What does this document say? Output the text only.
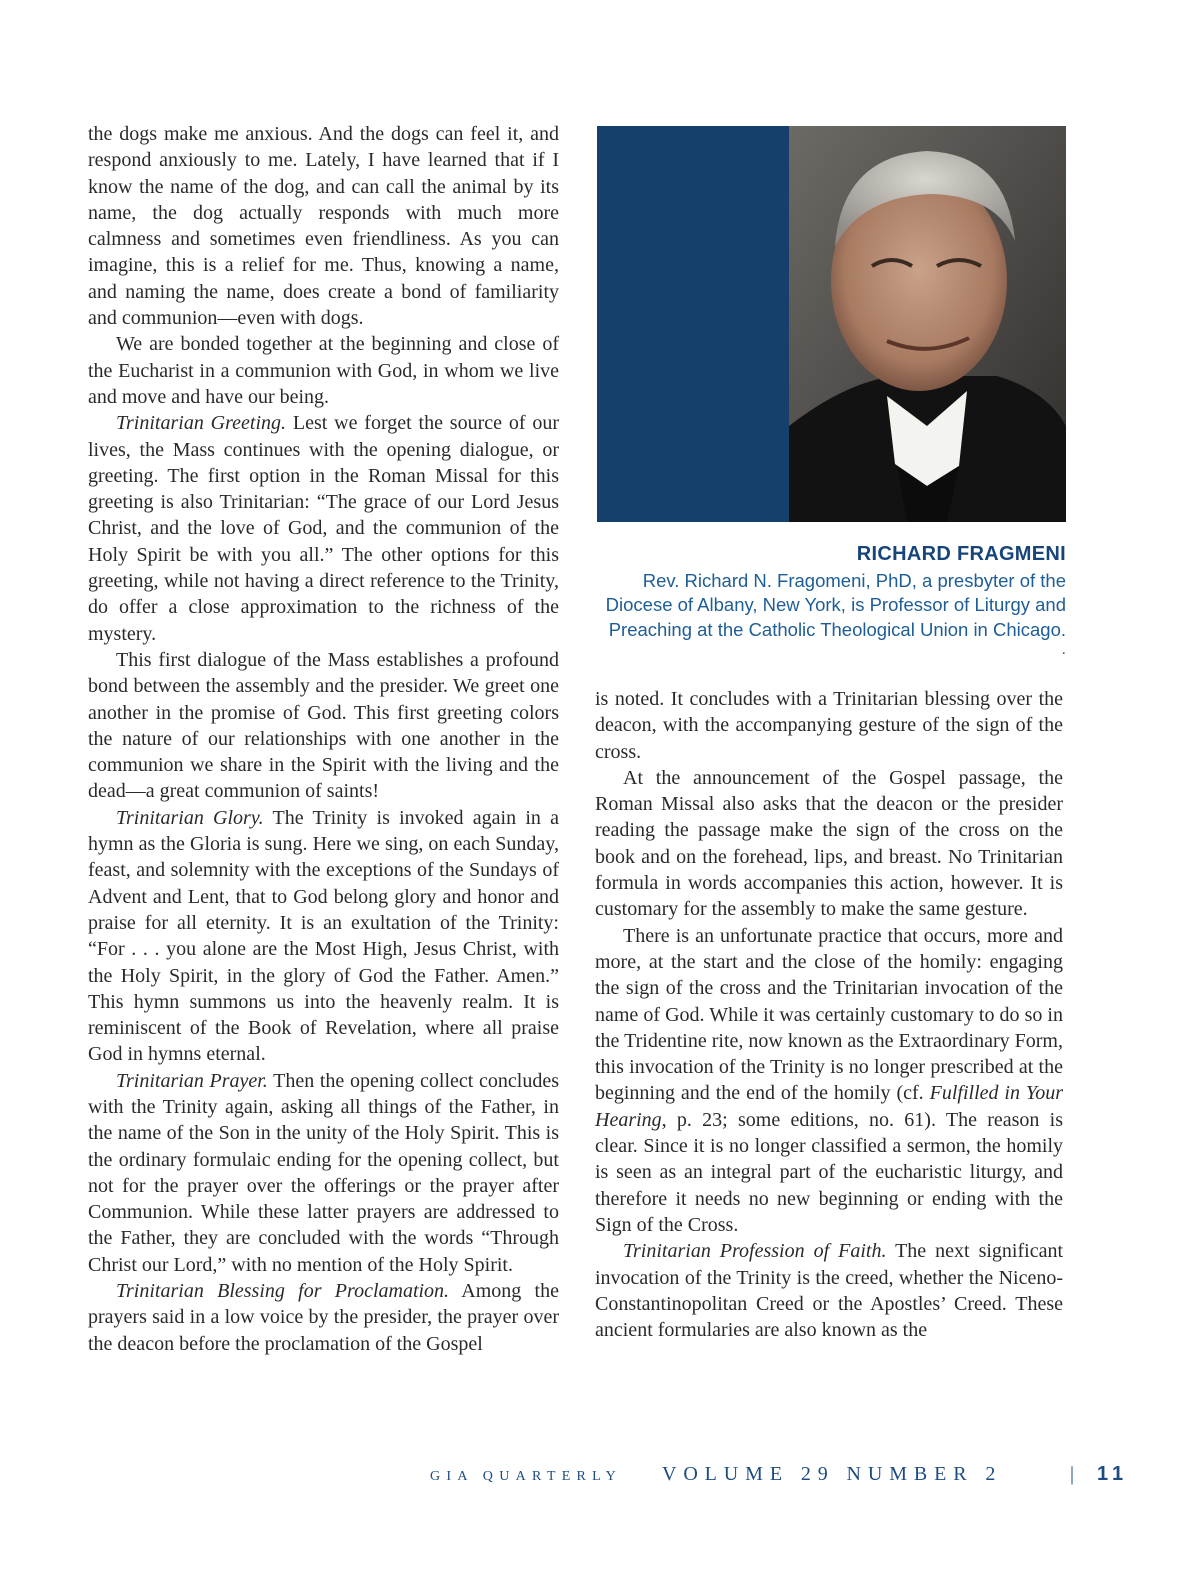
the dogs make me anxious. And the dogs can feel it, and respond anxiously to me. Lately, I have learned that if I know the name of the dog, and can call the animal by its name, the dog actually responds with much more calmness and sometimes even friendliness. As you can imagine, this is a relief for me. Thus, knowing a name, and naming the name, does create a bond of familiarity and communion—even with dogs.

We are bonded together at the beginning and close of the Eucharist in a communion with God, in whom we live and move and have our being.

Trinitarian Greeting. Lest we forget the source of our lives, the Mass continues with the opening dialogue, or greeting. The first option in the Roman Missal for this greeting is also Trinitarian: “The grace of our Lord Jesus Christ, and the love of God, and the communion of the Holy Spirit be with you all.” The other options for this greeting, while not having a direct reference to the Trinity, do offer a close approximation to the richness of the mystery.

This first dialogue of the Mass establishes a profound bond between the assembly and the presider. We greet one another in the promise of God. This first greeting colors the nature of our relationships with one another in the communion we share in the Spirit with the living and the dead—a great communion of saints!

Trinitarian Glory. The Trinity is invoked again in a hymn as the Gloria is sung. Here we sing, on each Sunday, feast, and solemnity with the exceptions of the Sundays of Advent and Lent, that to God belong glory and honor and praise for all eternity. It is an exultation of the Trinity: “For . . . you alone are the Most High, Jesus Christ, with the Holy Spirit, in the glory of God the Father. Amen.” This hymn summons us into the heavenly realm. It is reminiscent of the Book of Revelation, where all praise God in hymns eternal.

Trinitarian Prayer. Then the opening collect concludes with the Trinity again, asking all things of the Father, in the name of the Son in the unity of the Holy Spirit. This is the ordinary formulaic ending for the opening collect, but not for the prayer over the offerings or the prayer after Communion. While these latter prayers are addressed to the Father, they are concluded with the words “Through Christ our Lord,” with no mention of the Holy Spirit.

Trinitarian Blessing for Proclamation. Among the prayers said in a low voice by the presider, the prayer over the deacon before the proclamation of the Gospel

RICHARD FRAGMENI
Rev. Richard N. Fragomeni, PhD, a presbyter of the Diocese of Albany, New York, is Professor of Liturgy and Preaching at the Catholic Theological Union in Chicago.
.

is noted. It concludes with a Trinitarian blessing over the deacon, with the accompanying gesture of the sign of the cross.

At the announcement of the Gospel passage, the Roman Missal also asks that the deacon or the presider reading the passage make the sign of the cross on the book and on the forehead, lips, and breast. No Trinitarian formula in words accompanies this action, however. It is customary for the assembly to make the same gesture.

There is an unfortunate practice that occurs, more and more, at the start and the close of the homily: engaging the sign of the cross and the Trinitarian invocation of the name of God. While it was certainly customary to do so in the Tridentine rite, now known as the Extraordinary Form, this invocation of the Trinity is no longer prescribed at the beginning and the end of the homily (cf. Fulfilled in Your Hearing, p. 23; some editions, no. 61). The reason is clear. Since it is no longer classified a sermon, the homily is seen as an integral part of the eucharistic liturgy, and therefore it needs no new beginning or ending with the Sign of the Cross.

Trinitarian Profession of Faith. The next significant invocation of the Trinity is the creed, whether the Niceno-Constantinopolitan Creed or the Apostles’ Creed. These ancient formularies are also known as the

GIA QUARTERLY VOLUME 29 NUMBER 2	| 11
